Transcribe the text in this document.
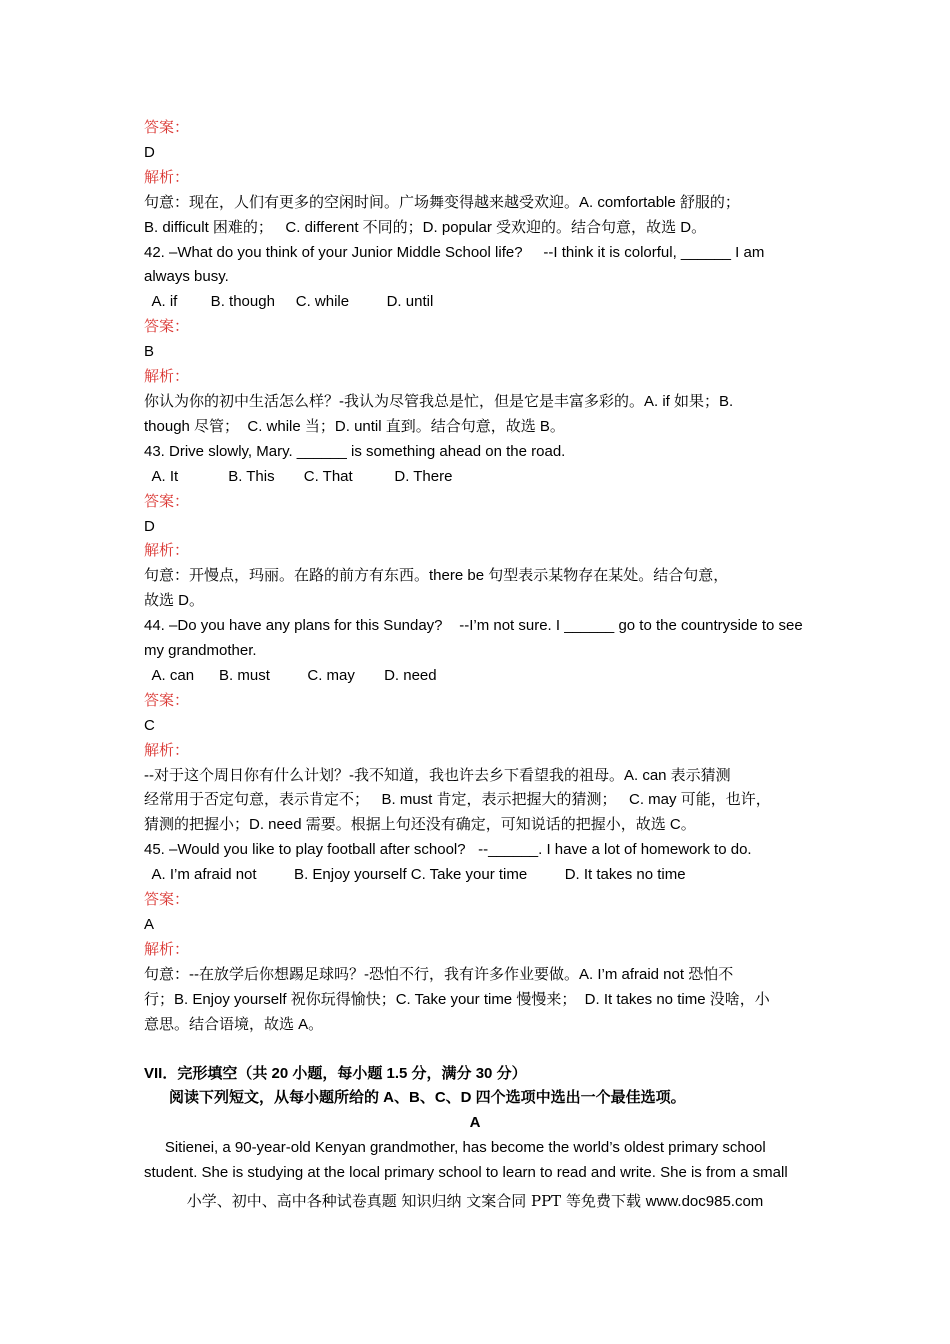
答案：
D
解析：
句意：现在，人们有更多的空闲时间。广场舞变得越来越受欢迎。A. comfortable 舒服的；
B. difficult 困难的；   C. different 不同的；D. popular 受欢迎的。结合句意，故选 D。
42. –What do you think of your Junior Middle School life?     --I think it is colorful, ______ I am
always busy.
A. if        B. though     C. while         D. until
答案：
B
解析：
你认为你的初中生活怎么样？-我认为尽管我总是忙，但是它是丰富多彩的。A. if 如果；B.
though 尽管；  C. while 当；D. until 直到。结合句意，故选 B。
43. Drive slowly, Mary. ______ is something ahead on the road.
A. It            B. This       C. That          D. There
答案：
D
解析：
句意：开慢点，玛丽。在路的前方有东西。there be 句型表示某物存在某处。结合句意，
故选 D。
44. –Do you have any plans for this Sunday?    --I’m not sure. I ______ go to the countryside to see
my grandmother.
A. can      B. must         C. may       D. need
答案：
C
解析：
--对于这个周日你有什么计划？-我不知道，我也许去乡下看望我的祖母。A. can 表示猜测
经常用于否定句意，表示肯定不；   B. must 肯定，表示把握大的猜测；   C. may 可能，也许，
猜测的把握小；D. need 需要。根据上句还没有确定，可知说话的把握小，故选 C。
45. –Would you like to play football after school?   --______. I have a lot of homework to do.
A. I’m afraid not         B. Enjoy yourself C. Take your time         D. It takes no time
答案：
A
解析：
句意：--在放学后你想踢足球吗？-恐怕不行，我有许多作业要做。A. I’m afraid not 恐怕不
行；B. Enjoy yourself 祝你玩得愉快；C. Take your time 慢慢来；  D. It takes no time 没啥，小
意思。结合语境，故选 A。
VII．完形填空（共 20 小题，每小题 1.5 分，满分 30 分）
阅读下列短文，从每小题所给的 A、B、C、D 四个选项中选出一个最佳选项。
A
Sitienei, a 90-year-old Kenyan grandmother, has become the world’s oldest primary school
student. She is studying at the local primary school to learn to read and write. She is from a small
小学、初中、高中各种试卷真题 知识归纳 文案合同 PPT 等免费下载 www.doc985.com
